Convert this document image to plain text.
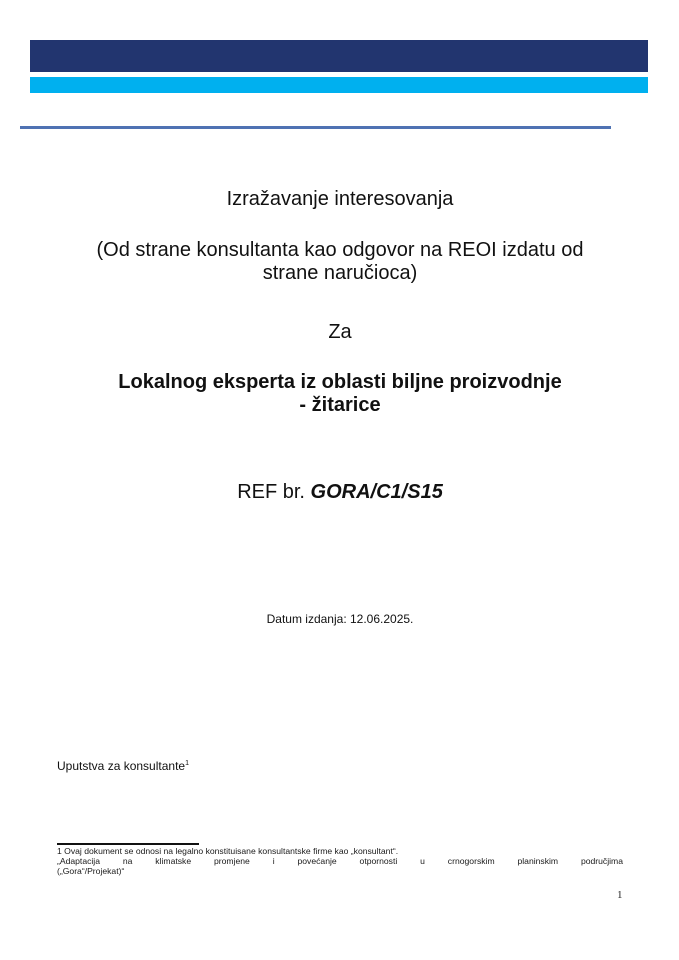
Izražavanje interesovanja
(Od strane konsultanta kao odgovor na REOI izdatu od
strane naručioca)
Za
Lokalnog eksperta iz oblasti biljne proizvodnje
- žitarice
REF br. GORA/C1/S15
Datum izdanja: 12.06.2025.
Uputstva za konsultante$^1$
1 Ovaj dokument se odnosi na legalno konstituisane konsultantske firme kao „konsultant“.
„Adaptacija na klimatske promjene i povećanje otpornosti u crnogorskim planinskim područjima
(„Gora“/Projekat)“
1
